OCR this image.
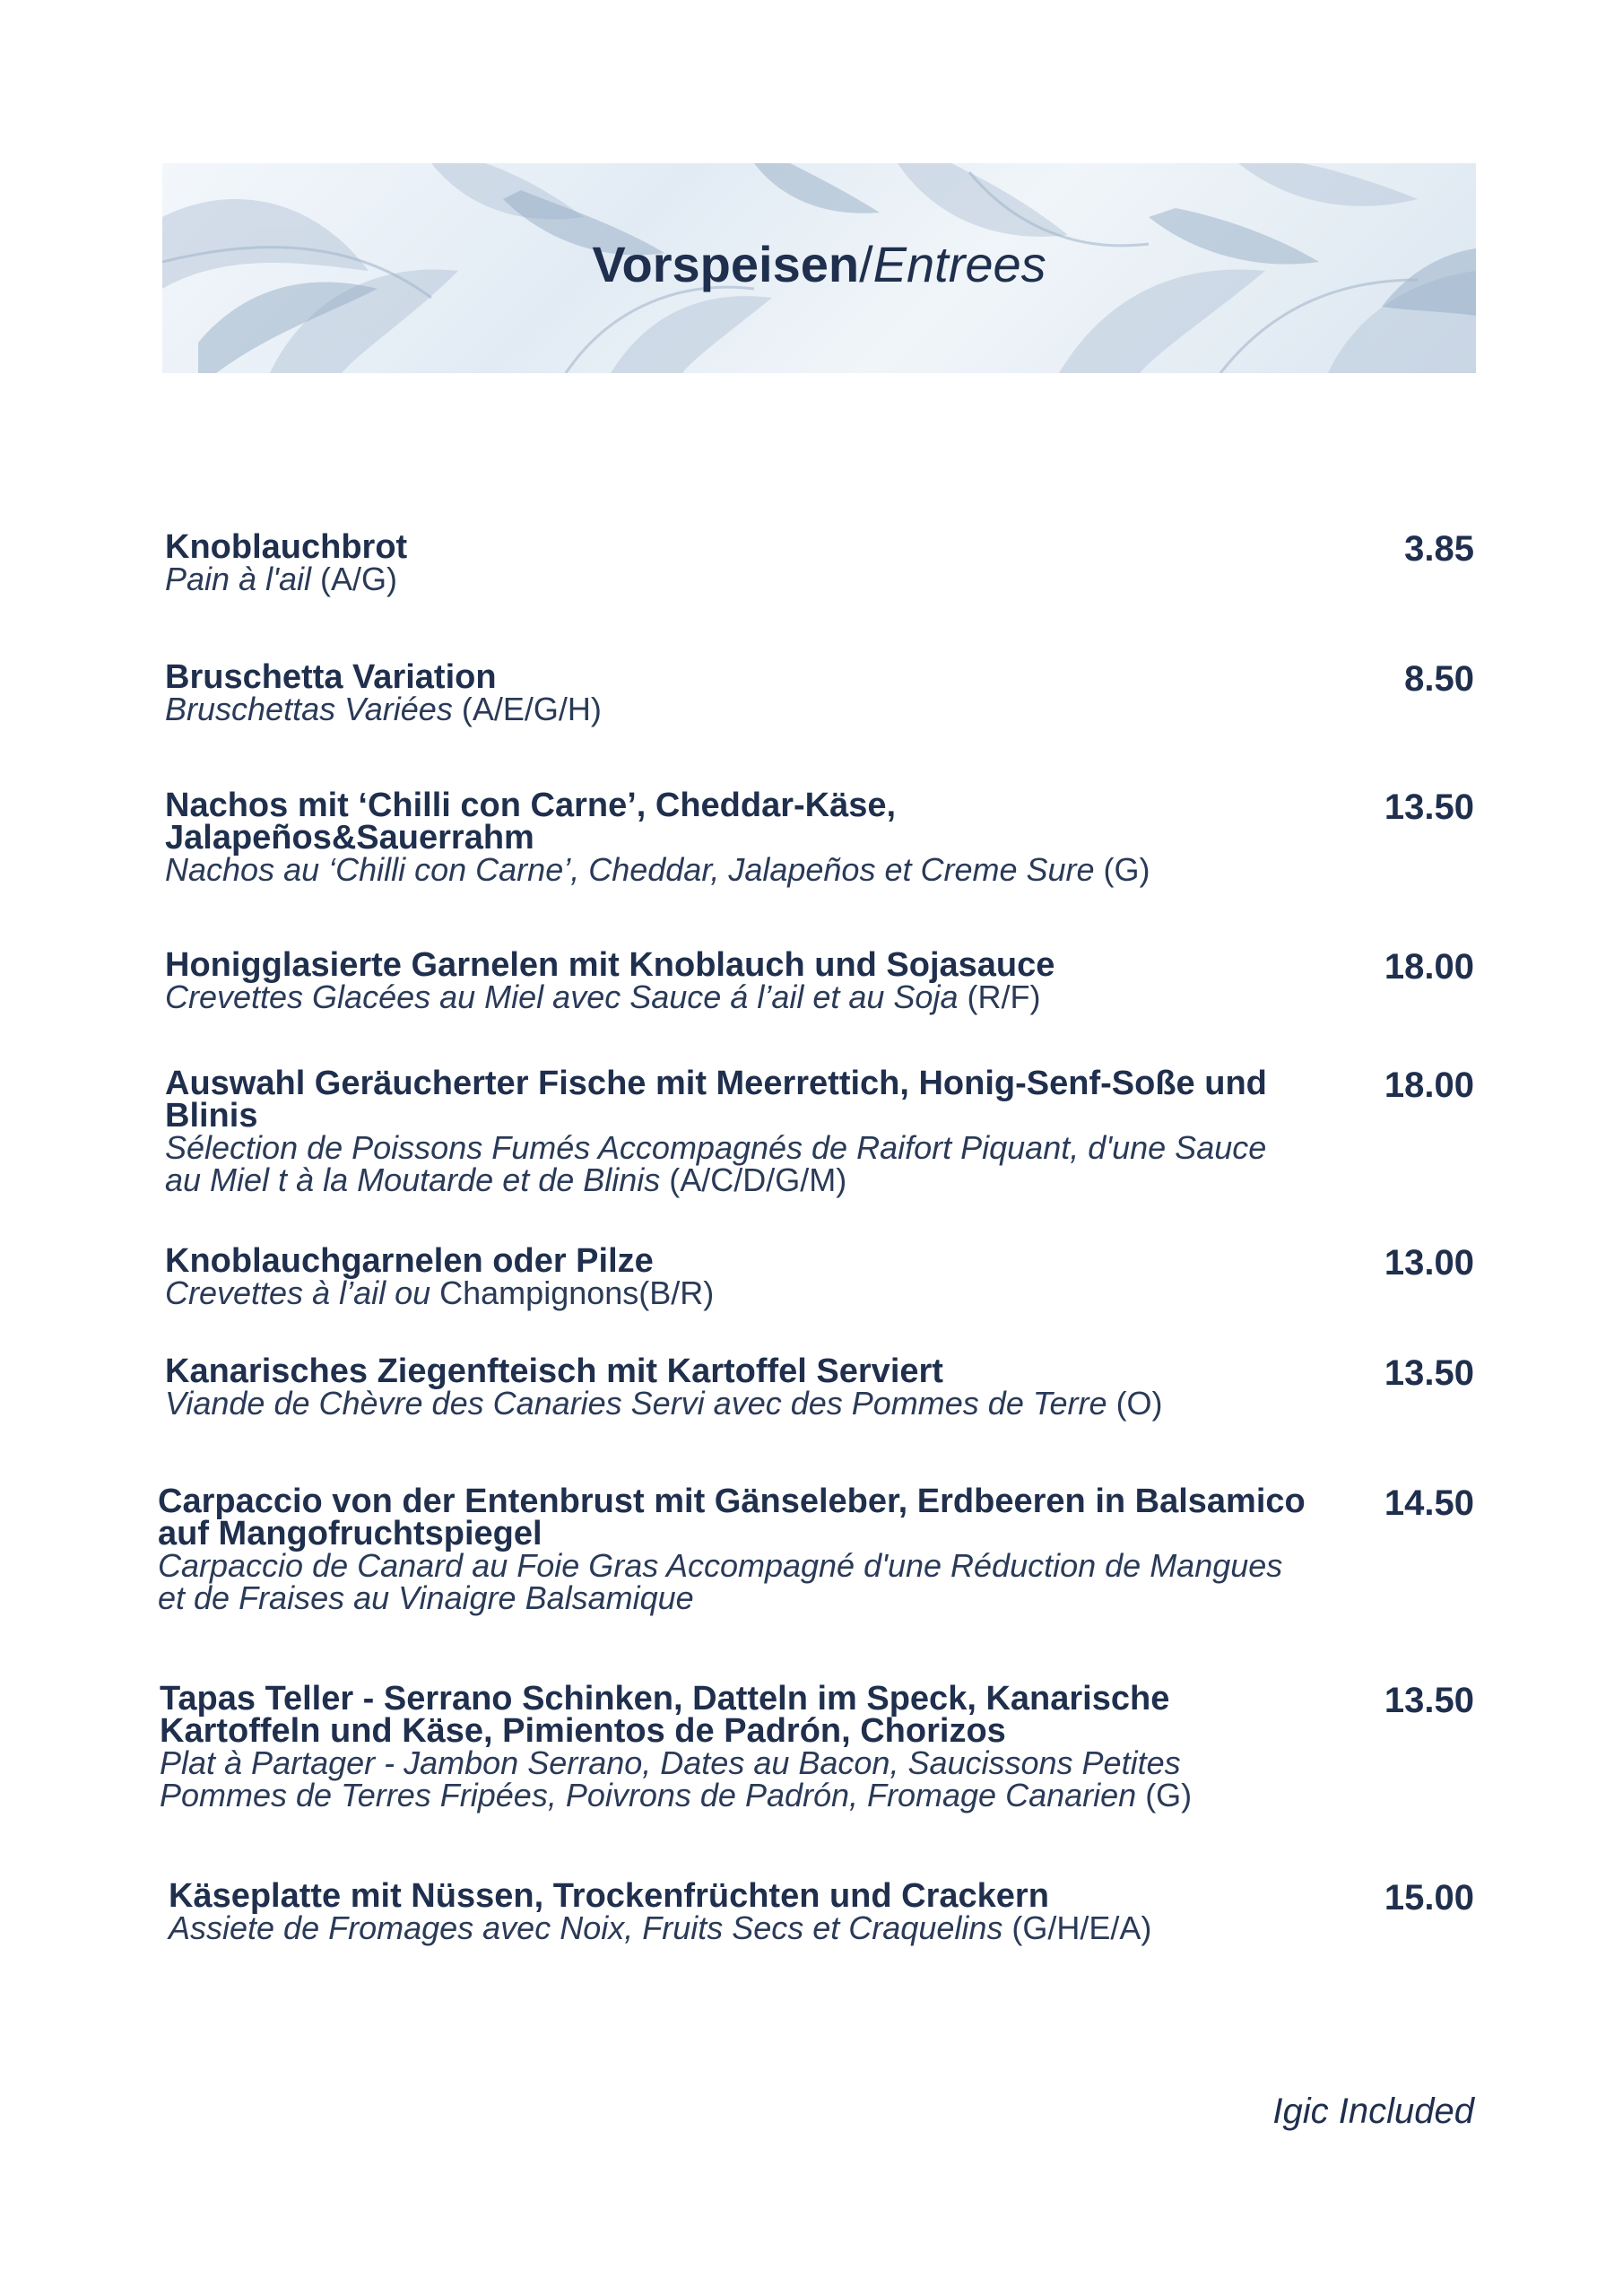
Vorspeisen/Entrees
Knoblauchbrot
Pain à l'ail (A/G)
3.85
Bruschetta Variation
Bruschettas Variées (A/E/G/H)
8.50
Nachos mit ‘Chilli con Carne’, Cheddar-Käse, Jalapeños&Sauerrahm
Nachos au ‘Chilli con Carne’, Cheddar, Jalapeños et Creme Sure (G)
13.50
Honigglasierte Garnelen mit Knoblauch und Sojasauce
Crevettes Glacées au Miel avec Sauce á l’ail et au Soja (R/F)
18.00
Auswahl Geräucherter Fische mit Meerrettich, Honig-Senf-Soße und Blinis
Sélection de Poissons Fumés Accompagnés de Raifort Piquant, d'une Sauce au Miel t à la Moutarde et de Blinis (A/C/D/G/M)
18.00
Knoblauchgarnelen oder Pilze
Crevettes à l’ail ou Champignons(B/R)
13.00
Kanarisches Ziegenfteisch mit Kartoffel Serviert
Viande de Chèvre des Canaries Servi avec des Pommes de Terre (O)
13.50
Carpaccio von der Entenbrust mit Gänseleber, Erdbeeren in Balsamico auf Mangofruchtspiegel
Carpaccio de Canard au Foie Gras Accompagné d'une Réduction de Mangues et de Fraises au Vinaigre Balsamique
14.50
Tapas Teller - Serrano Schinken, Datteln im Speck, Kanarische Kartoffeln und Käse, Pimientos de Padrón, Chorizos
Plat à Partager - Jambon Serrano, Dates au Bacon, Saucissons Petites Pommes de Terres Fripées, Poivrons de Padrón, Fromage Canarien (G)
13.50
Käseplatte mit Nüssen, Trockenfrüchten und Crackern
Assiete de Fromages avec Noix, Fruits Secs et Craquelins (G/H/E/A)
15.00
Igic Included
